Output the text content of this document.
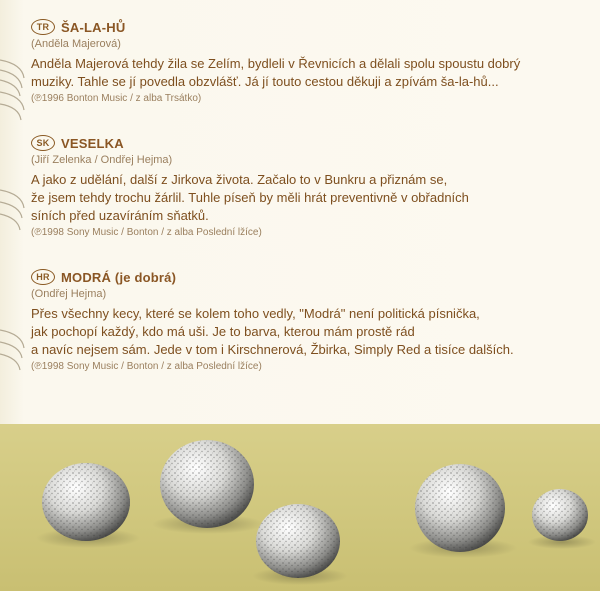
TR ŠA-LA-HŮ
(Anděla Majerová)
Anděla Majerová tehdy žila se Zelím, bydleli v Řevnicích a dělali spolu spoustu dobrý
muziky. Tahle se jí povedla obzvlášť. Já jí touto cestou děkuji a zpívám ša-la-hů...
(℗1996 Bonton Music / z alba Trsátko)
SK VESELKA
(Jiří Zelenka / Ondřej Hejma)
A jako z udělání, další z Jirkova života. Začalo to v Bunkru a přiznám se,
že jsem tehdy trochu žárlil. Tuhle píseň by měli hrát preventivně v obřadních
síních před uzavíráním sňatků.
(℗1998 Sony Music / Bonton / z alba Poslední lžíce)
HR MODRÁ (je dobrá)
(Ondřej Hejma)
Přes všechny kecy, které se kolem toho vedly, "Modrá" není politická písnička,
jak pochopí každý, kdo má uši. Je to barva, kterou mám prostě rád
a navíc nejsem sám. Jede v tom i Kirschnerová, Žbirka, Simply Red a tisíce dalších.
(℗1998 Sony Music / Bonton / z alba Poslední lžíce)
